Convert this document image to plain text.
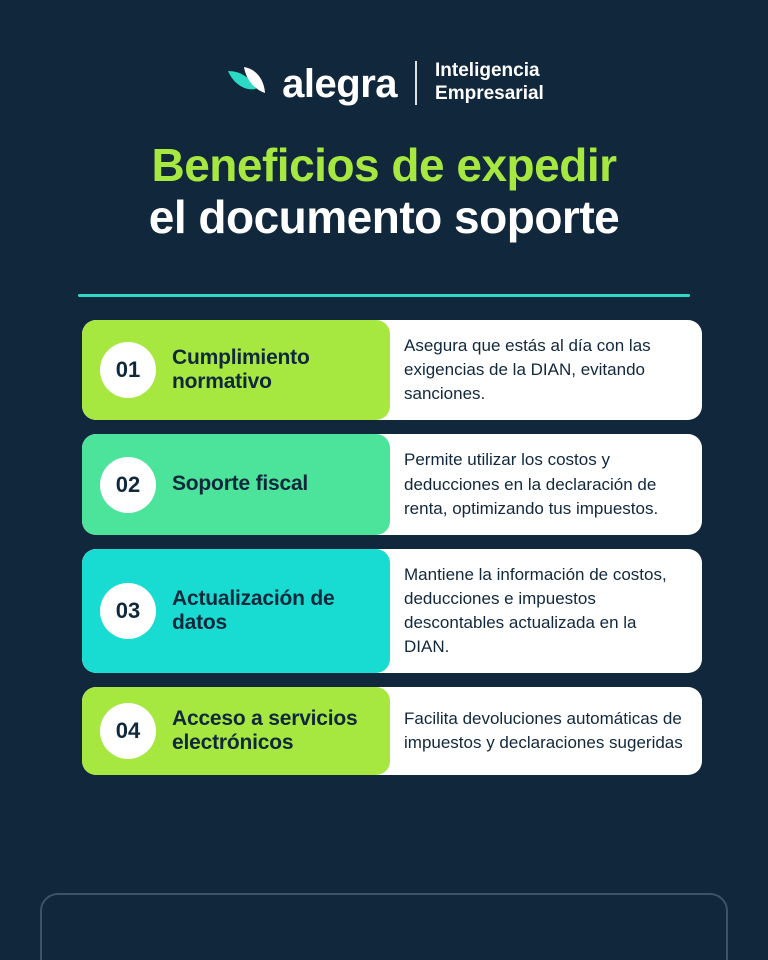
alegra Inteligencia
Empresarial
Beneficios de expedir
el documento soporte
01	Cumplimiento normativo
Asegura que estás al día con las exigencias de la DIAN, evitando sanciones.
02	Soporte fiscal
Permite utilizar los costos y deducciones en la declaración de renta, optimizando tus impuestos.
03	Actualización de datos
Mantiene la información de costos, deducciones e impuestos descontables actualizada en la DIAN.
04	Acceso a servicios electrónicos
Facilita devoluciones automáticas de impuestos y declaraciones sugeridas
